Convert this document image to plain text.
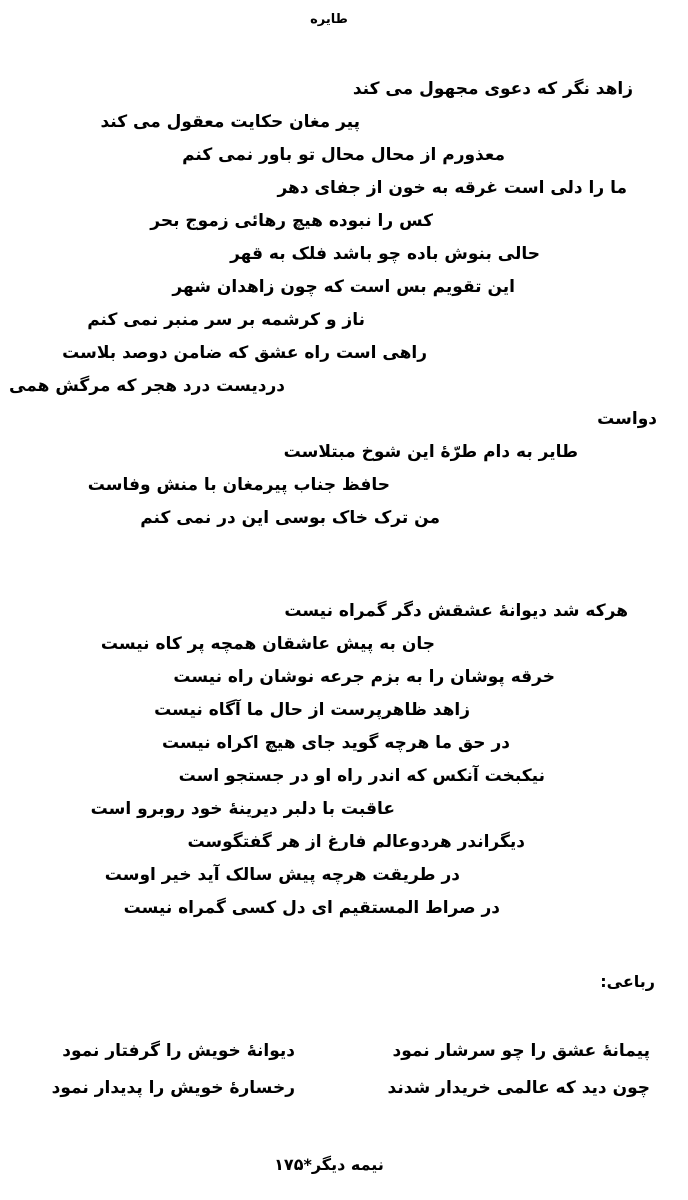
طايره
زاهد نگر که دعوی مجهول می کند
پیر مغان حکایت معقول می کند
معذورم از محال محال تو باور نمی کنم
ما را دلی است غرقه به خون از جفای دهر
کس را نبوده هیچ رهائی زموج بحر
حالی بنوش باده چو باشد فلک به قهر
این تقویم بس است که چون زاهدان شهر
ناز و کرشمه بر سر منبر نمی کنم
راهی است راه عشق که ضامن دوصد بلاست
دردیست درد هجر که مرگش همی
دواست
طایر به دام طرّهٔ این شوخ مبتلاست
حافظ جناب پیرمغان با منش وفاست
من ترک خاک بوسی این در نمی کنم
هرکه شد دیوانهٔ عشقش دگر گمراه نیست
جان به پیش عاشقان همچه پر کاه نیست
خرقه پوشان را به بزم جرعه نوشان راه نیست
زاهد ظاهرپرست از حال ما آگاه نیست
در حق ما هرچه گوید جای هیچ اکراه نیست
نیکبخت آنکس که اندر راه او در جستجو است
عاقبت با دلبر دیرینهٔ خود روبرو است
دیگراندر هردوعالم فارغ از هر گفتگوست
در طریقت هرچه پیش سالک آید خیر اوست
در صراط المستقیم ای دل کسی گمراه نیست
رباعی:
پیمانهٔ عشق را چو سرشار نمود
دیوانهٔ خویش را گرفتار نمود
چون دید که عالمی خریدار شدند
رخسارهٔ خویش را پدیدار نمود
نیمه دیگر*۱۷۵
